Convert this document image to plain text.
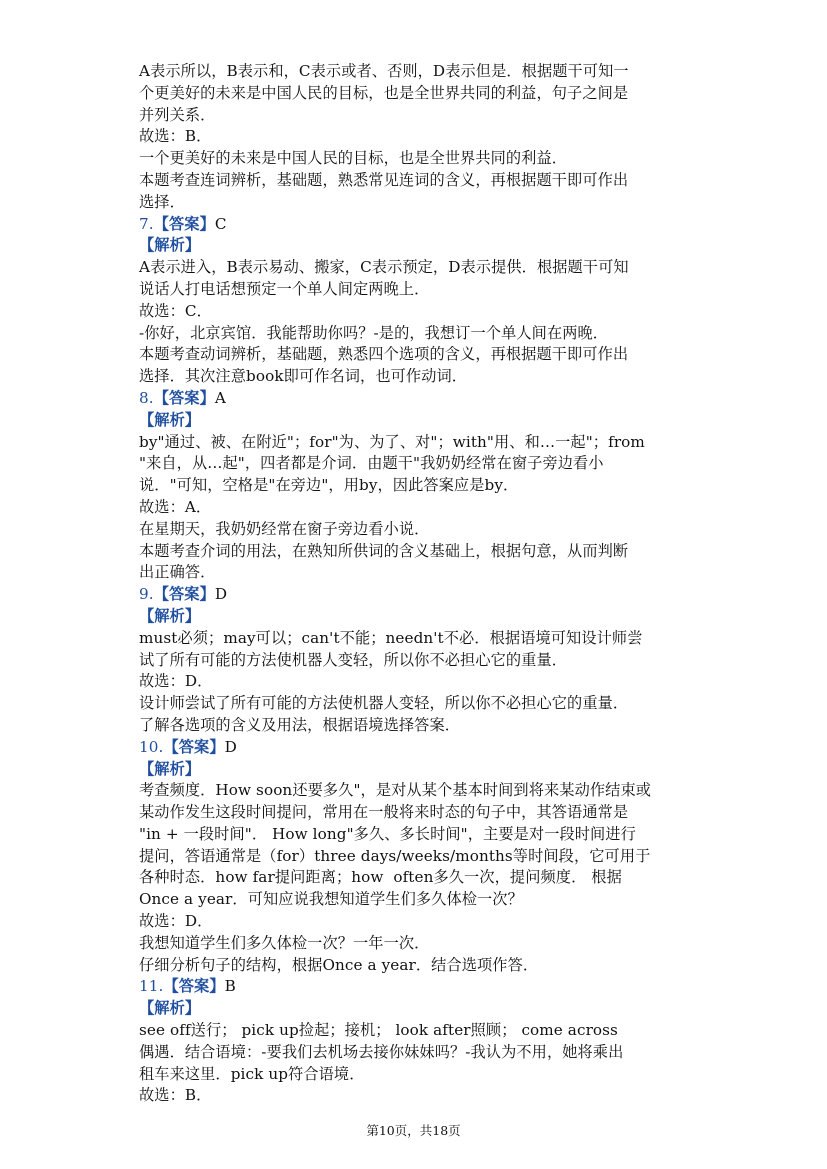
A表示所以，B表示和，C表示或者、否则，D表示但是．根据题干可知一
个更美好的未来是中国人民的目标，也是全世界共同的利益，句子之间是
并列关系．
故选：B．
一个更美好的未来是中国人民的目标，也是全世界共同的利益．
本题考查连词辨析，基础题，熟悉常见连词的含义，再根据题干即可作出
选择．
7.【答案】C
【解析】
A表示进入，B表示易动、搬家，C表示预定，D表示提供．根据题干可知
说话人打电话想预定一个单人间定两晚上．
故选：C．
-你好，北京宾馆．我能帮助你吗？-是的，我想订一个单人间在两晚．
本题考查动词辨析，基础题，熟悉四个选项的含义，再根据题干即可作出
选择．其次注意book即可作名词，也可作动词．
8.【答案】A
【解析】
by"通过、被、在附近"；for"为、为了、对"；with"用、和…一起"；from
"来自，从…起"，四者都是介词．由题干"我奶奶经常在窗子旁边看小
说．"可知，空格是"在旁边"，用by，因此答案应是by．
故选：A．
在星期天，我奶奶经常在窗子旁边看小说．
本题考查介词的用法，在熟知所供词的含义基础上，根据句意，从而判断
出正确答．
9.【答案】D
【解析】
must必须；may可以；can't不能；needn't不必．根据语境可知设计师尝
试了所有可能的方法使机器人变轻，所以你不必担心它的重量．
故选：D．
设计师尝试了所有可能的方法使机器人变轻，所以你不必担心它的重量．
了解各选项的含义及用法，根据语境选择答案．
10.【答案】D
【解析】
考查频度．How soon还要多久"，是对从某个基本时间到将来某动作结束或
某动作发生这段时间提问，常用在一般将来时态的句子中，其答语通常是
"in + 一段时间"． How long"多久、多长时间"，主要是对一段时间进行
提问，答语通常是（for）three days/weeks/months等时间段，它可用于
各种时态．how far提问距离；how  often多久一次，提问频度． 根据
Once a year．可知应说我想知道学生们多久体检一次？
故选：D．
我想知道学生们多久体检一次？一年一次．
仔细分析句子的结构，根据Once a year．结合选项作答．
11.【答案】B
【解析】
see off送行； pick up捡起；接机； look after照顾； come across
偶遇．结合语境：-要我们去机场去接你妹妹吗？-我认为不用，她将乘出
租车来这里．pick up符合语境．
故选：B．
第10页，共18页
